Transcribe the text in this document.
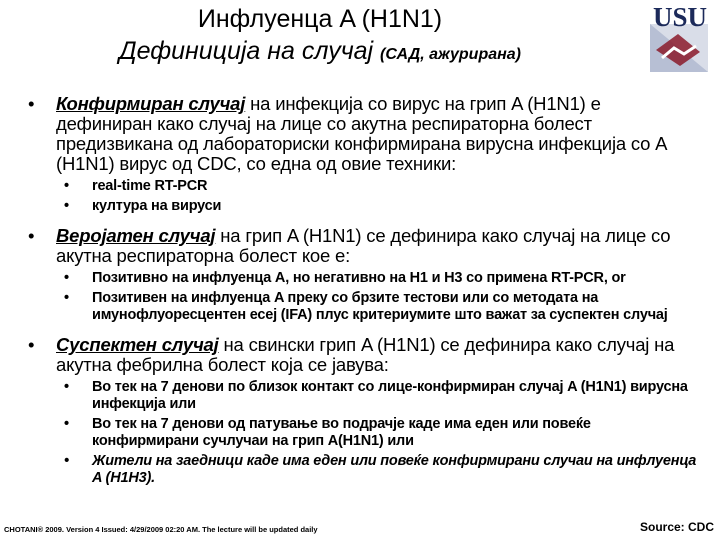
Инфлуенца A (H1N1)
Дефиниција на случај (САД, ажурирана)
USU
• Конфирмиран случај на инфекција со вирус на грип A (H1N1) е дефиниран како случај на лице со акутна респираторна болест предизвикана од лабораториски конфирмирана вирусна инфекција со A (H1N1) вирус од CDC, со една од овие техники:
• real-time RT-PCR
• култура на вируси
• Веројатен случај на грип A (H1N1) се дефинира како случај на лице со акутна респираторна болест кое е:
• Позитивно на инфлуенца A, но негативно на H1 и H3 со примена RT-PCR, or
• Позитивен на инфлуенца A преку со брзите тестови или со методата на имунофлуоресцентен есеј (IFA) плус критериумите што важат за суспектен случај
• Суспектен случај на свински грип A (H1N1) се дефинира како случај на акутна фебрилна болест која се јавува:
• Во тек на 7 денови по близок контакт со лице-конфирмиран случај A (H1N1) вирусна инфекција или
• Во тек на 7 денови од патување во подрачје каде има еден или повеќе конфирмирани сучлучаи на грип A(H1N1) или
• Жители на заедници каде има еден или повеќе конфирмирани случаи на инфлуенца A (H1H3).
CHOTANI® 2009. Version 4 Issued: 4/29/2009 02:20 AM. The lecture will be updated daily	Source: CDC
